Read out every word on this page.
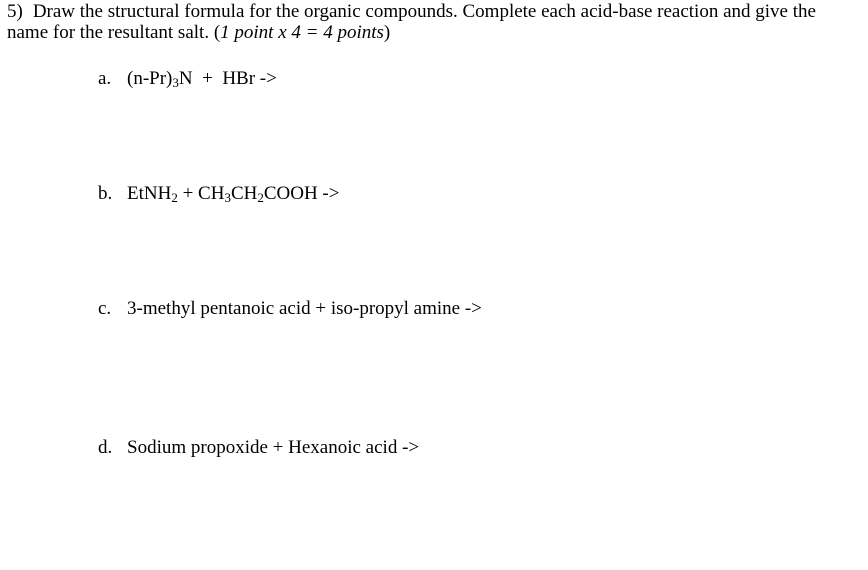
5) Draw the structural formula for the organic compounds. Complete each acid-base reaction and give the name for the resultant salt. (1 point x 4 = 4 points)
a. $(n-Pr)_3N$  +  HBr ->
b. EtNH$_2$ + $CH_3CH_2COOH$ ->
c. 3-methyl pentanoic acid + iso-propyl amine ->
d. Sodium propoxide + Hexanoic acid ->
